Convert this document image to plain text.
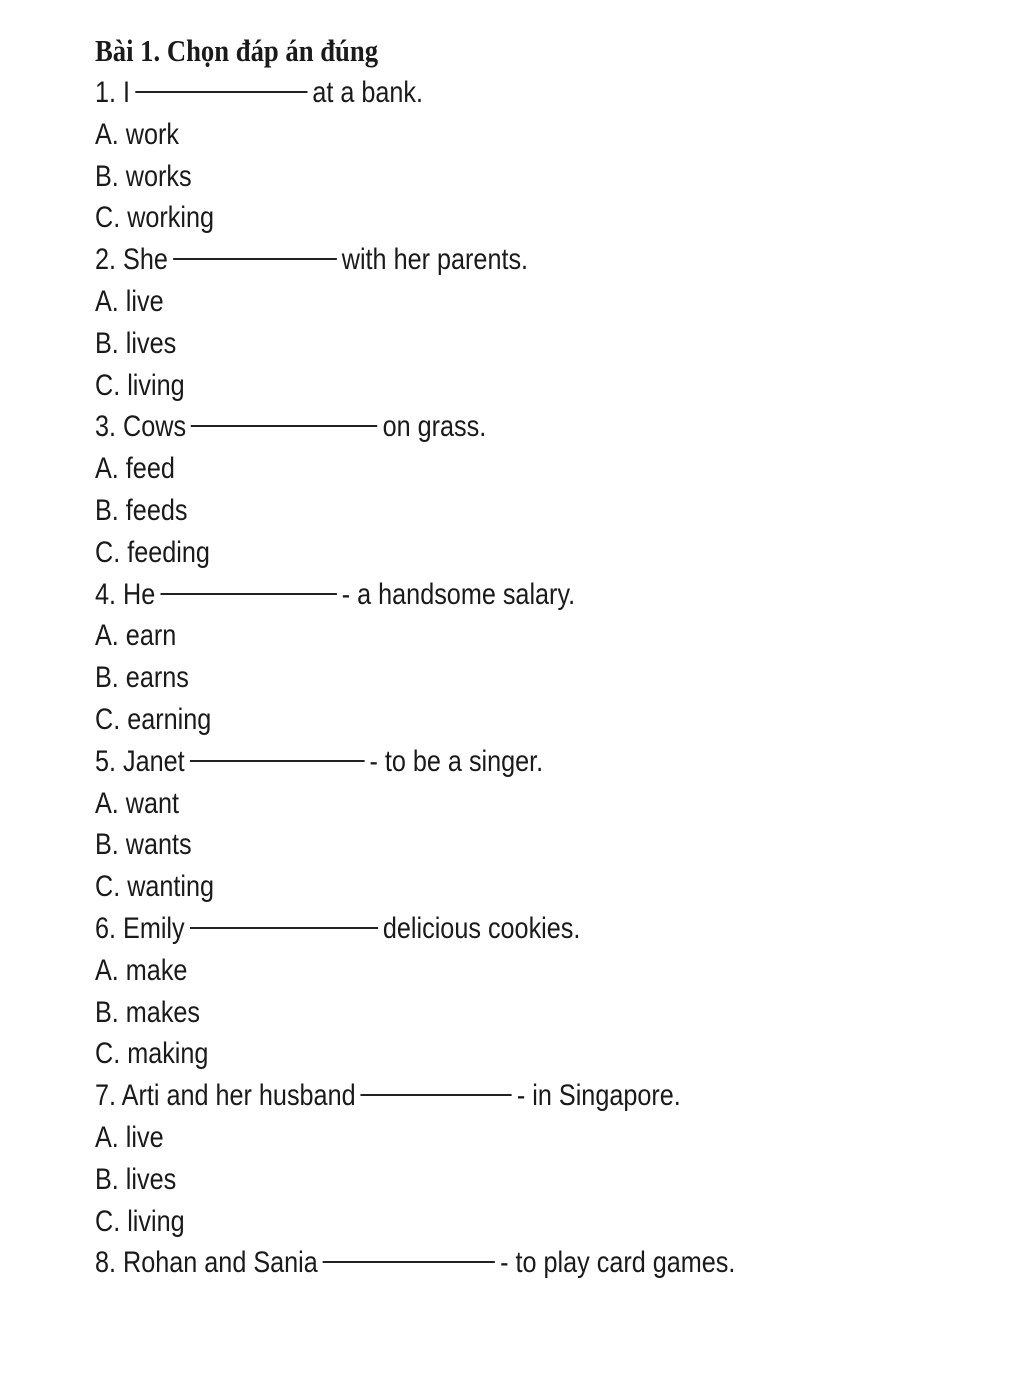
Bài 1. Chọn đáp án đúng
1. I	at a bank.
A. work
B. works
C. working
2. She	with her parents.
A. live
B. lives
C. living
3. Cows	on grass.
A. feed
B. feeds
C. feeding
4. He	- a handsome salary.
A. earn
B. earns
C. earning
5. Janet	- to be a singer.
A. want
B. wants
C. wanting
6. Emily	delicious cookies.
A. make
B. makes
C. making
7. Arti and her husband	- in Singapore.
A. live
B. lives
C. living
8. Rohan and Sania	- to play card games.
